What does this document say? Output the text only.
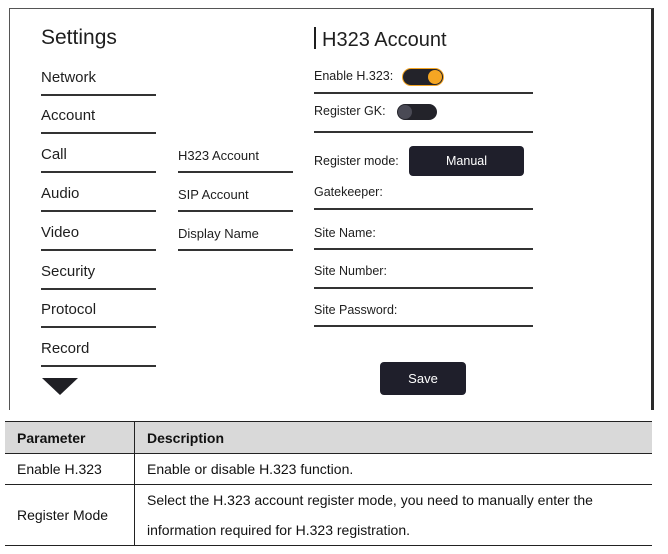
Settings
Network
Account
Call
Audio
Video
Security
Protocol
Record
H323 Account
SIP Account
Display Name
H323 Account
Enable H.323:
Register GK:
Register mode:	Manual
Gatekeeper:
Site Name:
Site Number:
Site Password:
Save
Parameter	Description
Enable H.323	Enable or disable H.323 function.
Register Mode	Select the H.323 account register mode, you need to manually enter the information required for H.323 registration.
